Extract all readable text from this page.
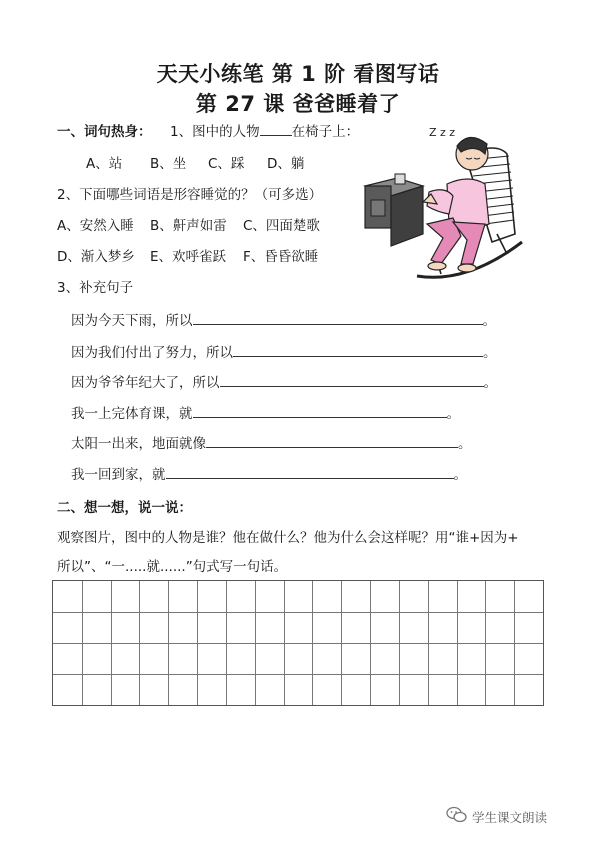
天天小练笔 第 1 阶 看图写话
第 27 课 爸爸睡着了
一、词句热身： 1、图中的人物 在椅子上：
A、站 B、坐 C、踩 D、躺
2、下面哪些词语是形容睡觉的？（可多选）
A、安然入睡 B、鼾声如雷 C、四面楚歌
D、渐入梦乡 E、欢呼雀跃 F、昏昏欲睡
3、补充句子
因为今天下雨，所以	。
因为我们付出了努力，所以	。
因为爷爷年纪大了，所以	。
我一上完体育课，就	。
太阳一出来，地面就像	。
我一回到家，就	。
二、想一想，说一说：
观察图片，图中的人物是谁？他在做什么？他为什么会这样呢？用“谁+因为+
所以”、“一.....就......”句式写一句话。
Z z z
学生课文朗读
